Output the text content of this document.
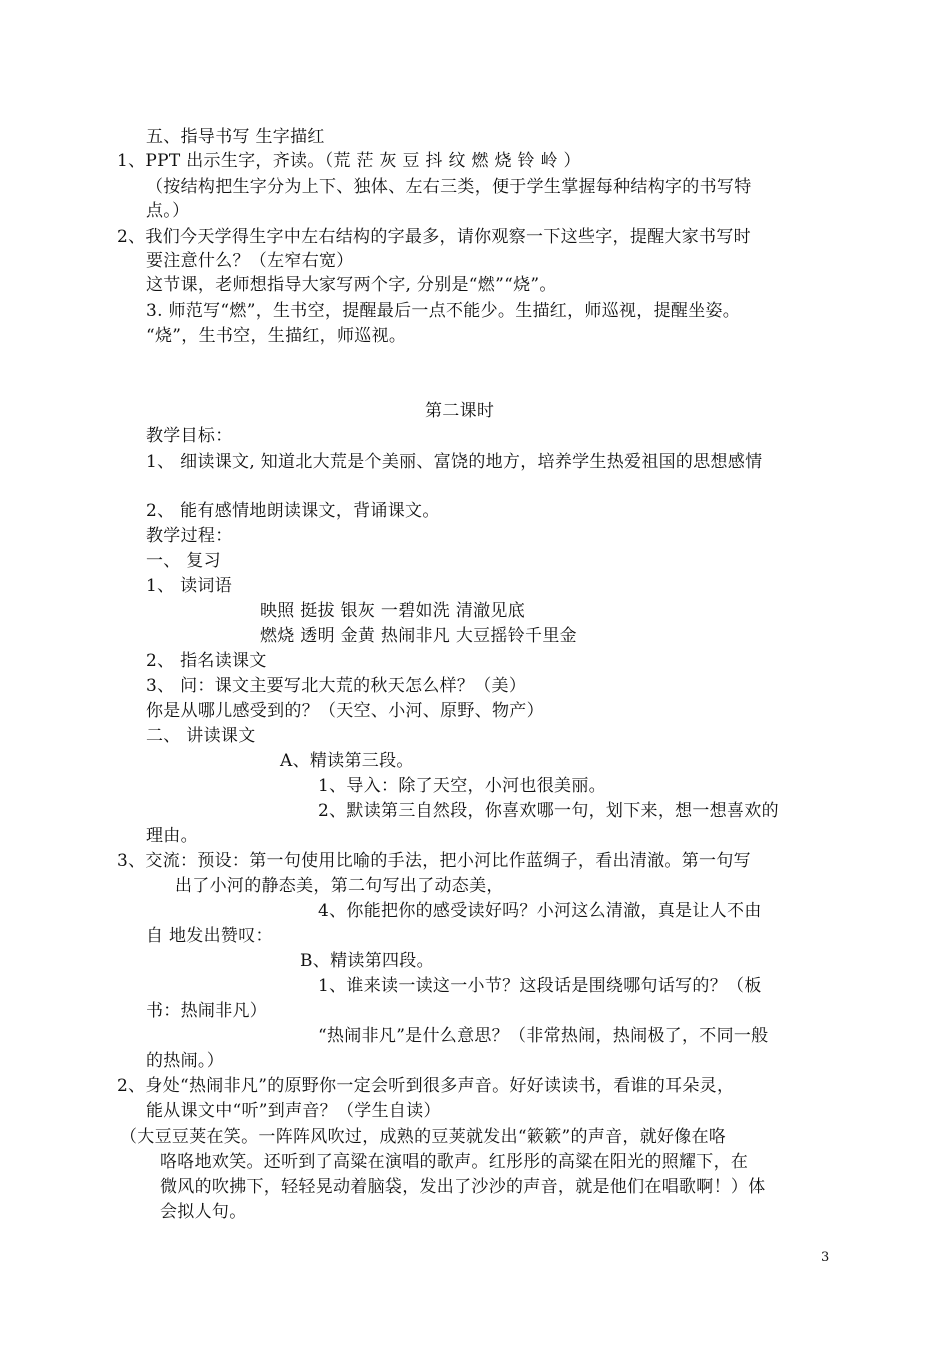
五、指导书写 生字描红
1、PPT 出示生字，齐读。（荒 茫 灰 豆 抖 纹 燃 烧 铃 岭 ）
（按结构把生字分为上下、独体、左右三类，便于学生掌握每种结构字的书写特
点。）
2、我们今天学得生字中左右结构的字最多，请你观察一下这些字，提醒大家书写时
要注意什么？（左窄右宽）
这节课，老师想指导大家写两个字, 分别是“燃”“烧”。
3. 师范写“燃”，生书空，提醒最后一点不能少。生描红，师巡视，提醒坐姿。
“烧”，生书空，生描红，师巡视。
第二课时
教学目标：
1、 细读课文, 知道北大荒是个美丽、富饶的地方，培养学生热爱祖国的思想感情
2、 能有感情地朗读课文，背诵课文。
教学过程：
一、 复习
1、 读词语
映照 挺拔 银灰 一碧如洗 清澈见底
燃烧 透明 金黄 热闹非凡 大豆摇铃千里金
2、 指名读课文
3、 问：课文主要写北大荒的秋天怎么样？（美）
你是从哪儿感受到的？（天空、小河、原野、物产）
二、 讲读课文
A、精读第三段。
1、导入：除了天空，小河也很美丽。
2、默读第三自然段，你喜欢哪一句，划下来，想一想喜欢的
理由。
3、交流：预设：第一句使用比喻的手法，把小河比作蓝绸子，看出清澈。第一句写
出了小河的静态美，第二句写出了动态美，
4、你能把你的感受读好吗？小河这么清澈，真是让人不由
自 地发出赞叹：
B、精读第四段。
1、谁来读一读这一小节？这段话是围绕哪句话写的？（板
书：热闹非凡）
“热闹非凡”是什么意思？（非常热闹，热闹极了，不同一般
的热闹。）
2、身处“热闹非凡”的原野你一定会听到很多声音。好好读读书，看谁的耳朵灵，
能从课文中“听”到声音？（学生自读）
（大豆豆荚在笑。一阵阵风吹过，成熟的豆荚就发出“簌簌”的声音，就好像在咯
咯咯地欢笑。还听到了高粱在演唱的歌声。红彤彤的高粱在阳光的照耀下，在
微风的吹拂下，轻轻晃动着脑袋，发出了沙沙的声音，就是他们在唱歌啊！）体
会拟人句。
3
